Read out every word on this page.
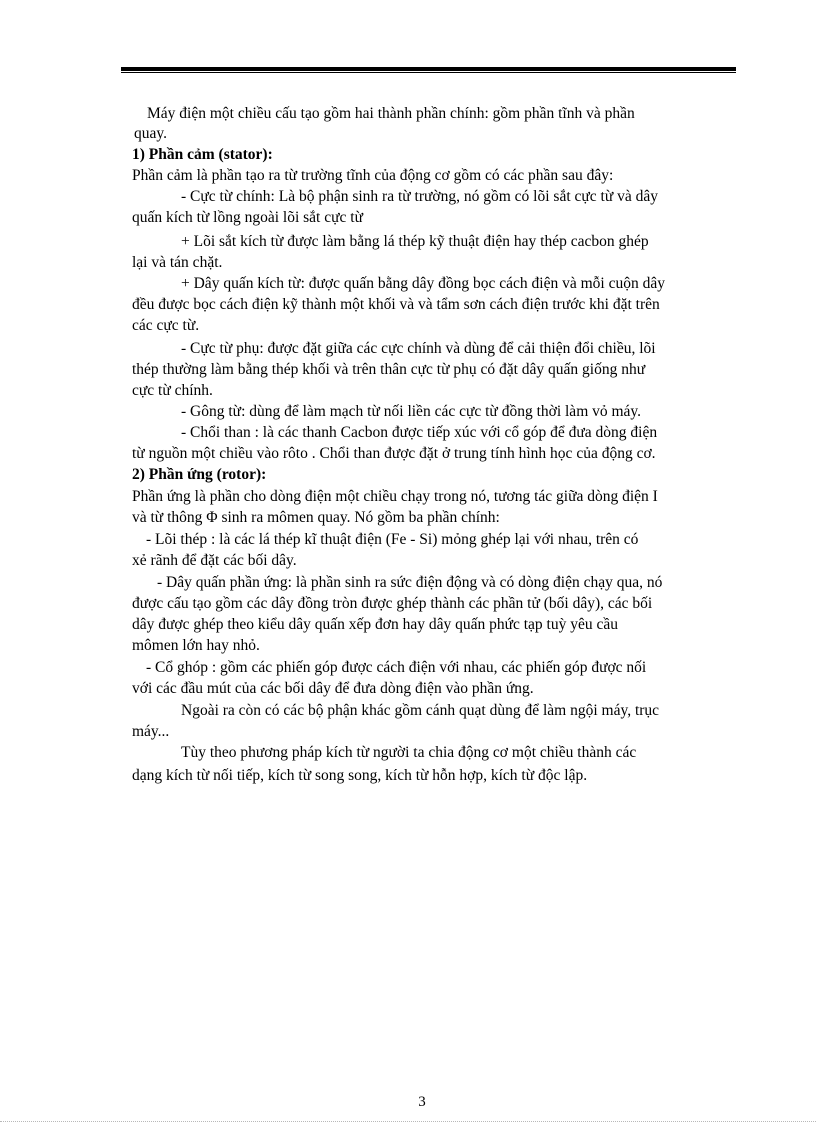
Máy điện một chiều cấu tạo gồm hai thành phần chính: gồm phần tĩnh và phần

quay.

1) Phần cảm (stator):

Phần cảm là phần tạo ra từ trường tĩnh của động cơ gồm có các phần sau đây:

- Cực từ chính: Là bộ phận sinh ra từ trường, nó gồm có lõi sắt cực từ và dây

quấn kích từ lồng ngoài lõi sắt cực từ

+ Lõi sắt kích từ được làm bằng lá thép kỹ thuật điện hay thép cacbon ghép

lại và tán chặt.

+ Dây quấn kích từ: được quấn bằng dây đồng bọc cách điện và mỗi cuộn dây

đều được bọc cách điện kỹ thành một khối và và tẩm sơn cách điện trước khi đặt trên

các cực từ.

- Cực từ phụ: được đặt giữa các cực chính và dùng để cải thiện đổi chiều, lõi

thép thường làm bằng thép khối và trên thân cực từ phụ có đặt dây quấn giống như

cực từ chính.

- Gông từ: dùng để làm mạch từ nối liền các cực từ đồng thời làm vỏ máy.

- Chổi than : là các thanh Cacbon được tiếp xúc với cổ góp để đưa dòng điện

từ nguồn một chiều vào rôto . Chổi than được đặt ở trung tính hình học của động cơ.

2) Phần ứng (rotor):

Phần ứng là phần cho dòng điện một chiều chạy trong nó, tương tác giữa dòng điện I

và từ thông Φ sinh ra mômen quay. Nó gồm ba phần chính:

- Lõi thép : là các lá thép kĩ thuật điện (Fe - Si) mỏng ghép lại với nhau, trên có

xẻ rãnh để đặt các bối dây.

- Dây quấn phần ứng: là phần sinh ra sức điện động và có dòng điện chạy qua, nó

được cấu tạo gồm các dây đồng tròn được ghép thành các phần tử (bối dây), các bối

dây được ghép theo kiểu dây quấn xếp đơn hay dây quấn phức tạp tuỳ yêu cầu

mômen lớn hay nhỏ.

- Cổ ghóp : gồm các phiến góp được cách điện với nhau, các phiến góp được nối

với các đầu mút của các bối dây để đưa dòng điện vào phần ứng.

Ngoài ra còn có các bộ phận khác gồm cánh quạt dùng để làm ngội máy, trục

máy...

Tùy theo phương pháp kích từ người ta chia động cơ một chiều thành các

dạng kích từ nối tiếp, kích từ song song, kích từ hỗn hợp, kích từ độc lập.

3
